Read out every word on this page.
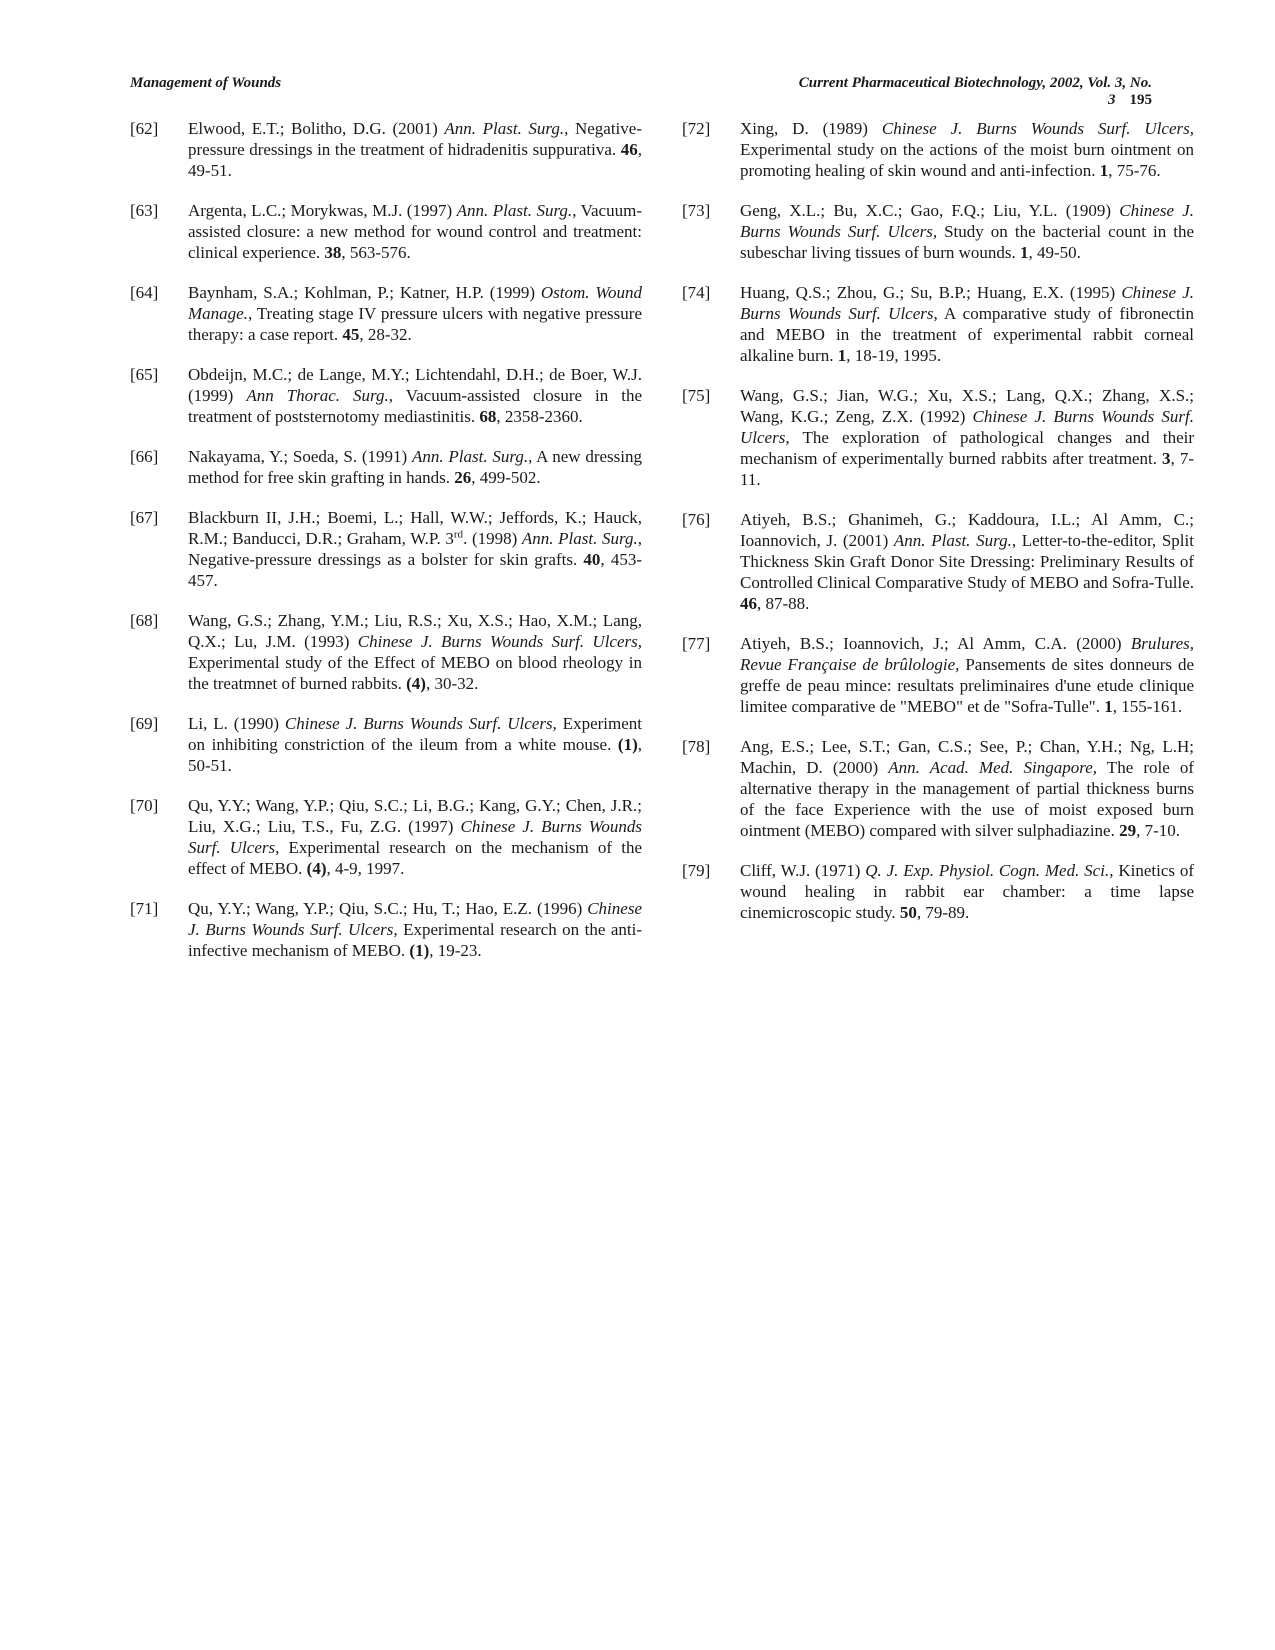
Management of Wounds	Current Pharmaceutical Biotechnology, 2002, Vol. 3, No. 3 195
[62] Elwood, E.T.; Bolitho, D.G. (2001) Ann. Plast. Surg., Negative-pressure dressings in the treatment of hidradenitis suppurativa. 46, 49-51.
[63] Argenta, L.C.; Morykwas, M.J. (1997) Ann. Plast. Surg., Vacuum-assisted closure: a new method for wound control and treatment: clinical experience. 38, 563-576.
[64] Baynham, S.A.; Kohlman, P.; Katner, H.P. (1999) Ostom. Wound Manage., Treating stage IV pressure ulcers with negative pressure therapy: a case report. 45, 28-32.
[65] Obdeijn, M.C.; de Lange, M.Y.; Lichtendahl, D.H.; de Boer, W.J. (1999) Ann Thorac. Surg., Vacuum-assisted closure in the treatment of poststernotomy mediastinitis. 68, 2358-2360.
[66] Nakayama, Y.; Soeda, S. (1991) Ann. Plast. Surg., A new dressing method for free skin grafting in hands. 26, 499-502.
[67] Blackburn II, J.H.; Boemi, L.; Hall, W.W.; Jeffords, K.; Hauck, R.M.; Banducci, D.R.; Graham, W.P. 3rd. (1998) Ann. Plast. Surg., Negative-pressure dressings as a bolster for skin grafts. 40, 453-457.
[68] Wang, G.S.; Zhang, Y.M.; Liu, R.S.; Xu, X.S.; Hao, X.M.; Lang, Q.X.; Lu, J.M. (1993) Chinese J. Burns Wounds Surf. Ulcers, Experimental study of the Effect of MEBO on blood rheology in the treatmnet of burned rabbits. (4), 30-32.
[69] Li, L. (1990) Chinese J. Burns Wounds Surf. Ulcers, Experiment on inhibiting constriction of the ileum from a white mouse. (1), 50-51.
[70] Qu, Y.Y.; Wang, Y.P.; Qiu, S.C.; Li, B.G.; Kang, G.Y.; Chen, J.R.; Liu, X.G.; Liu, T.S., Fu, Z.G. (1997) Chinese J. Burns Wounds Surf. Ulcers, Experimental research on the mechanism of the effect of MEBO. (4), 4-9, 1997.
[71] Qu, Y.Y.; Wang, Y.P.; Qiu, S.C.; Hu, T.; Hao, E.Z. (1996) Chinese J. Burns Wounds Surf. Ulcers, Experimental research on the anti-infective mechanism of MEBO. (1), 19-23.
[72] Xing, D. (1989) Chinese J. Burns Wounds Surf. Ulcers, Experimental study on the actions of the moist burn ointment on promoting healing of skin wound and anti-infection. 1, 75-76.
[73] Geng, X.L.; Bu, X.C.; Gao, F.Q.; Liu, Y.L. (1909) Chinese J. Burns Wounds Surf. Ulcers, Study on the bacterial count in the subeschar living tissues of burn wounds. 1, 49-50.
[74] Huang, Q.S.; Zhou, G.; Su, B.P.; Huang, E.X. (1995) Chinese J. Burns Wounds Surf. Ulcers, A comparative study of fibronectin and MEBO in the treatment of experimental rabbit corneal alkaline burn. 1, 18-19, 1995.
[75] Wang, G.S.; Jian, W.G.; Xu, X.S.; Lang, Q.X.; Zhang, X.S.; Wang, K.G.; Zeng, Z.X. (1992) Chinese J. Burns Wounds Surf. Ulcers, The exploration of pathological changes and their mechanism of experimentally burned rabbits after treatment. 3, 7-11.
[76] Atiyeh, B.S.; Ghanimeh, G.; Kaddoura, I.L.; Al Amm, C.; Ioannovich, J. (2001) Ann. Plast. Surg., Letter-to-the-editor, Split Thickness Skin Graft Donor Site Dressing: Preliminary Results of Controlled Clinical Comparative Study of MEBO and Sofra-Tulle. 46, 87-88.
[77] Atiyeh, B.S.; Ioannovich, J.; Al Amm, C.A. (2000) Brulures, Revue Française de brûlologie, Pansements de sites donneurs de greffe de peau mince: resultats preliminaires d'une etude clinique limitee comparative de "MEBO" et de "Sofra-Tulle". 1, 155-161.
[78] Ang, E.S.; Lee, S.T.; Gan, C.S.; See, P.; Chan, Y.H.; Ng, L.H; Machin, D. (2000) Ann. Acad. Med. Singapore, The role of alternative therapy in the management of partial thickness burns of the face Experience with the use of moist exposed burn ointment (MEBO) compared with silver sulphadiazine. 29, 7-10.
[79] Cliff, W.J. (1971) Q. J. Exp. Physiol. Cogn. Med. Sci., Kinetics of wound healing in rabbit ear chamber: a time lapse cinemicroscopic study. 50, 79-89.
